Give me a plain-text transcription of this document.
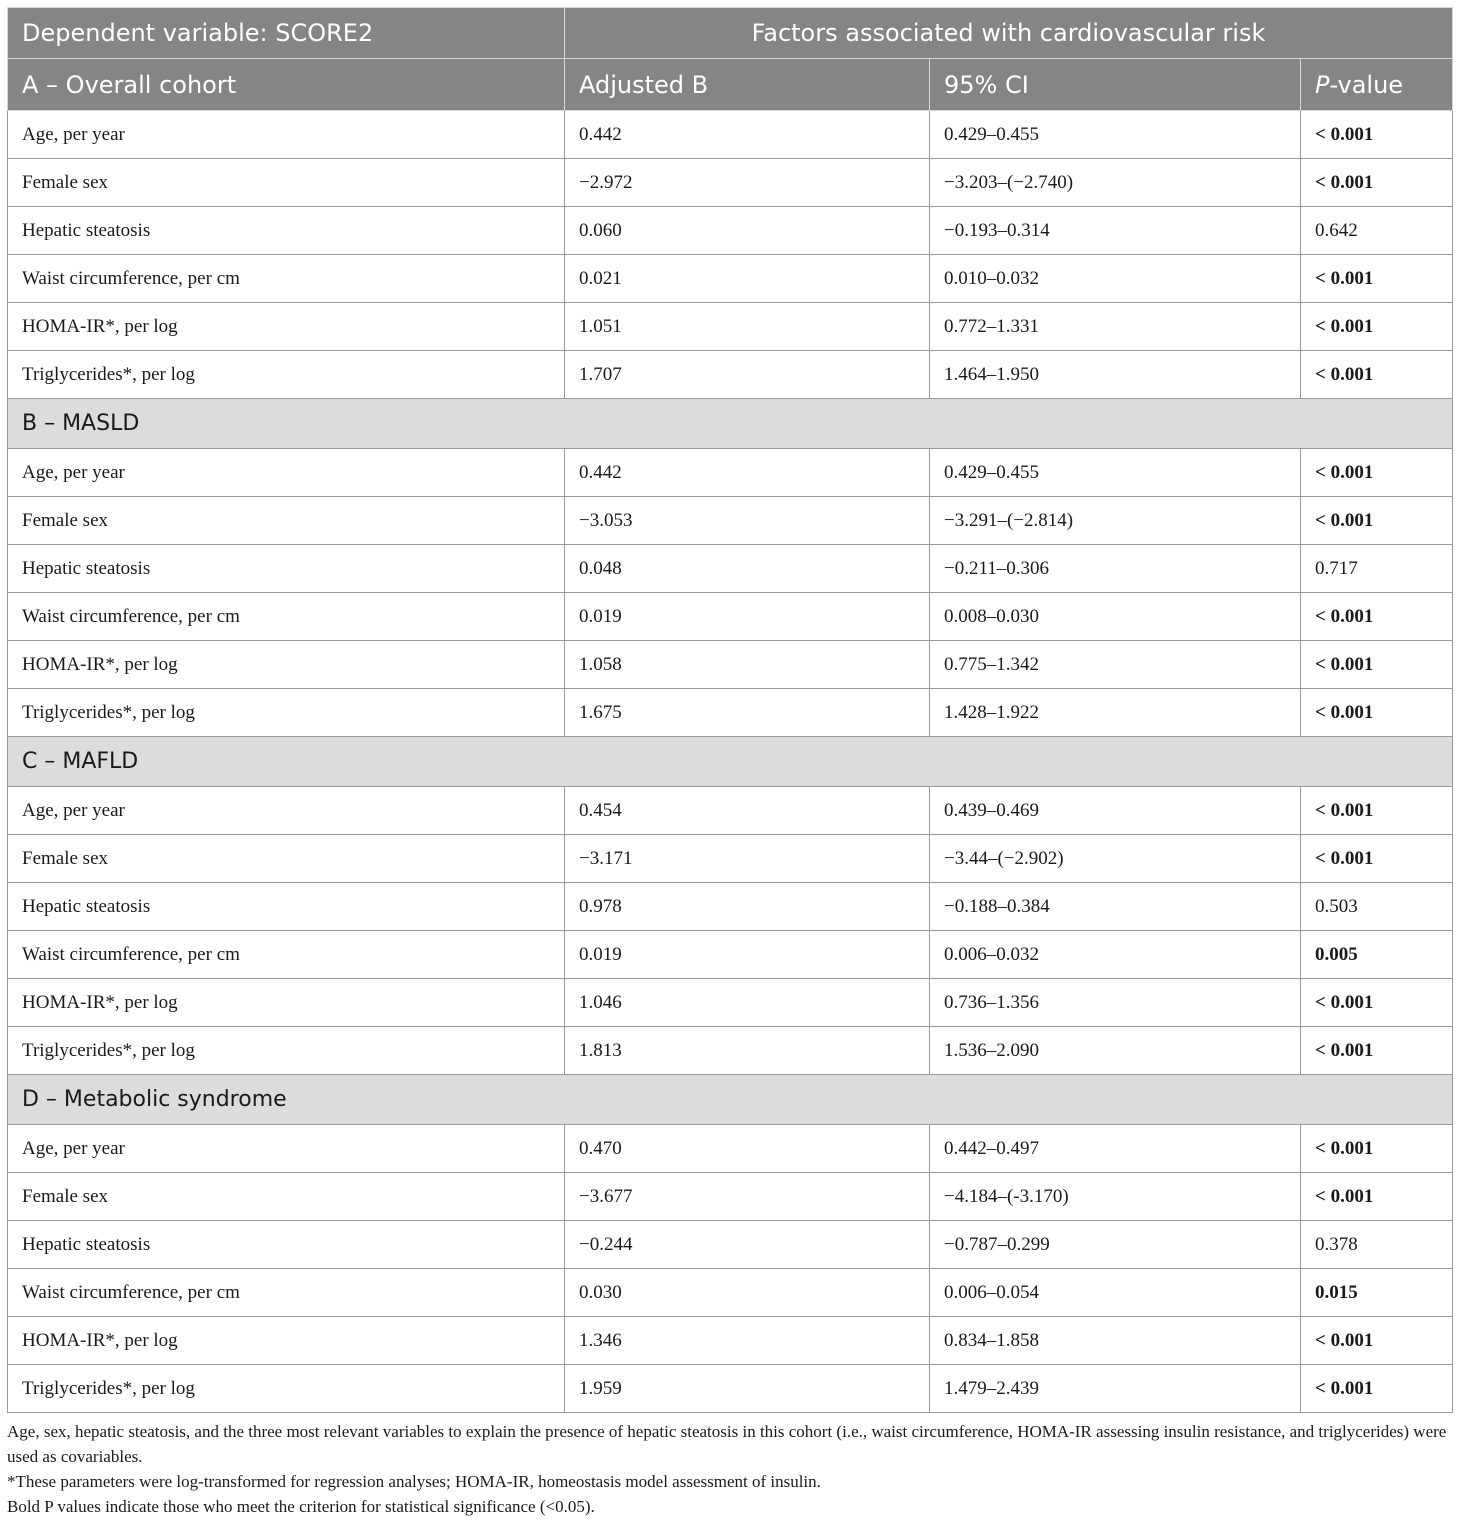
Dependent variable: SCORE2	Factors associated with cardiovascular risk		
A – Overall cohort	Adjusted B	95% CI	P-value
Age, per year	0.442	0.429–0.455	< 0.001
Female sex	−2.972	−3.203–(−2.740)	< 0.001
Hepatic steatosis	0.060	−0.193–0.314	0.642
Waist circumference, per cm	0.021	0.010–0.032	< 0.001
HOMA-IR*, per log	1.051	0.772–1.331	< 0.001
Triglycerides*, per log	1.707	1.464–1.950	< 0.001
B – MASLD			
Age, per year	0.442	0.429–0.455	< 0.001
Female sex	−3.053	−3.291–(−2.814)	< 0.001
Hepatic steatosis	0.048	−0.211–0.306	0.717
Waist circumference, per cm	0.019	0.008–0.030	< 0.001
HOMA-IR*, per log	1.058	0.775–1.342	< 0.001
Triglycerides*, per log	1.675	1.428–1.922	< 0.001
C – MAFLD			
Age, per year	0.454	0.439–0.469	< 0.001
Female sex	−3.171	−3.44–(−2.902)	< 0.001
Hepatic steatosis	0.978	−0.188–0.384	0.503
Waist circumference, per cm	0.019	0.006–0.032	0.005
HOMA-IR*, per log	1.046	0.736–1.356	< 0.001
Triglycerides*, per log	1.813	1.536–2.090	< 0.001
D – Metabolic syndrome			
Age, per year	0.470	0.442–0.497	< 0.001
Female sex	−3.677	−4.184–(-3.170)	< 0.001
Hepatic steatosis	−0.244	−0.787–0.299	0.378
Waist circumference, per cm	0.030	0.006–0.054	0.015
HOMA-IR*, per log	1.346	0.834–1.858	< 0.001
Triglycerides*, per log	1.959	1.479–2.439	< 0.001

Age, sex, hepatic steatosis, and the three most relevant variables to explain the presence of hepatic steatosis in this cohort (i.e., waist circumference, HOMA-IR assessing insulin resistance, and triglycerides) were used as covariables.

*These parameters were log-transformed for regression analyses; HOMA-IR, homeostasis model assessment of insulin.

Bold P values indicate those who meet the criterion for statistical significance (<0.05).
